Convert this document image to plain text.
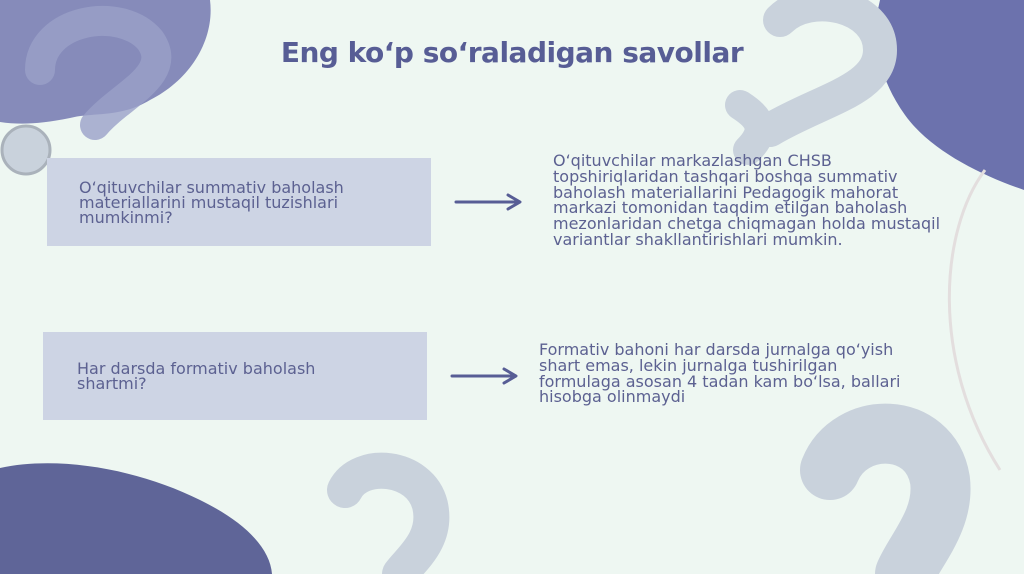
Eng ko‘p so‘raladigan savollar
O‘qituvchilar summativ baholash materiallarini mustaqil tuzishlari mumkinmi?
O‘qituvchilar markazlashgan CHSB topshiriqlaridan tashqari boshqa summativ baholash materiallarini Pedagogik mahorat markazi tomonidan taqdim etilgan baholash mezonlaridan chetga chiqmagan holda mustaqil variantlar shakllantirishlari mumkin.
Har darsda formativ baholash shartmi?
Formativ bahoni har darsda jurnalga qo‘yish shart emas, lekin jurnalga tushirilgan formulaga asosan 4 tadan kam bo‘lsa, ballari hisobga olinmaydi
